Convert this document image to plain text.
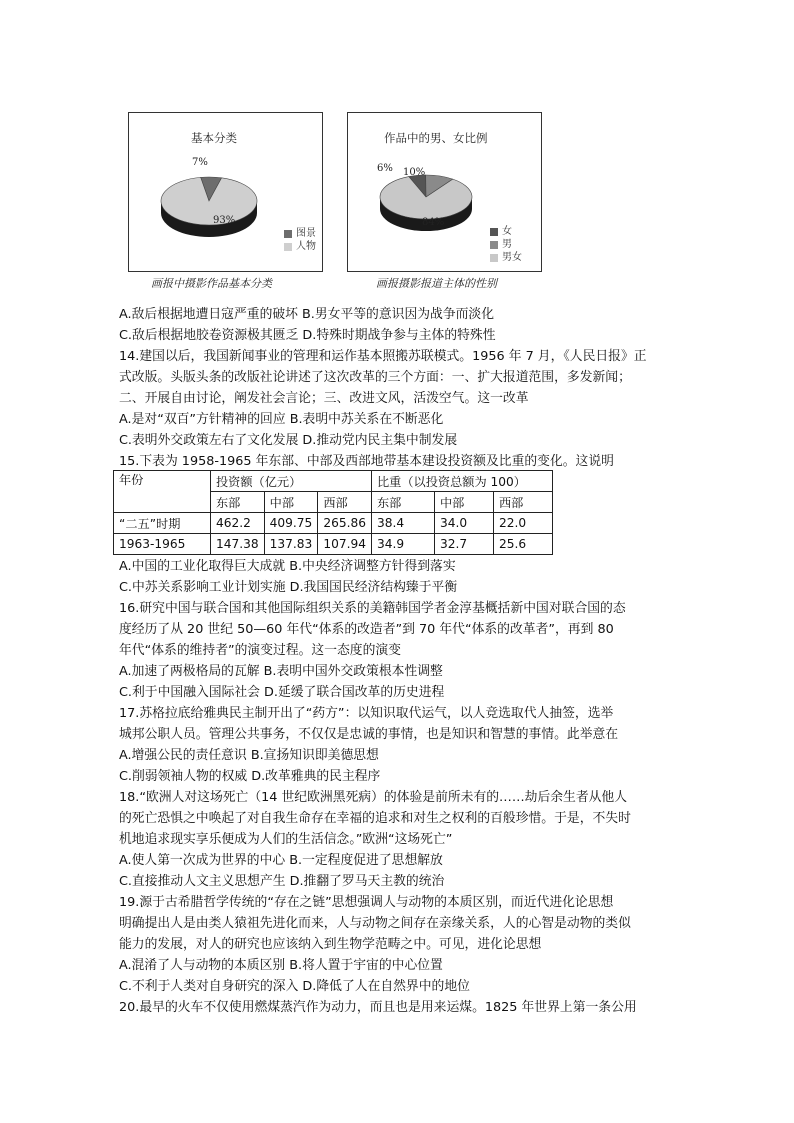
基本分类
7%
93%
图景
人物
画报中摄影作品基本分类
作品中的男、女比例
6% 10%
84%
女
男
男女
画报摄影报道主体的性别
A.敌后根据地遭日寇严重的破坏 B.男女平等的意识因为战争而淡化
C.敌后根据地胶卷资源极其匮乏 D.特殊时期战争参与主体的特殊性
14.建国以后，我国新闻事业的管理和运作基本照搬苏联模式。1956 年 7 月，《人民日报》正
式改版。头版头条的改版社论讲述了这次改革的三个方面：一、扩大报道范围，多发新闻；
二、开展自由讨论，阐发社会言论；三、改进文风，活泼空气。这一改革
A.是对“双百”方针精神的回应 B.表明中苏关系在不断恶化
C.表明外交政策左右了文化发展 D.推动党内民主集中制发展
15.下表为 1958-1965 年东部、中部及西部地带基本建设投资额及比重的变化。这说明
年份	投资额（亿元）			比重（以投资总额为 100）		
	东部	中部	西部	东部	中部	西部
“二五”时期	462.2	409.75	265.86	38.4	34.0	22.0
1963-1965	147.38	137.83	107.94	34.9	32.7	25.6
A.中国的工业化取得巨大成就 B.中央经济调整方针得到落实
C.中苏关系影响工业计划实施 D.我国国民经济结构臻于平衡
16.研究中国与联合国和其他国际组织关系的美籍韩国学者金淳基概括新中国对联合国的态
度经历了从 20 世纪 50—60 年代“体系的改造者”到 70 年代“体系的改革者”，再到 80
年代“体系的维持者”的演变过程。这一态度的演变
A.加速了两极格局的瓦解 B.表明中国外交政策根本性调整
C.利于中国融入国际社会 D.延缓了联合国改革的历史进程
17.苏格拉底给雅典民主制开出了“药方”：以知识取代运气，以人竞选取代人抽签，选举
城邦公职人员。管理公共事务，不仅仅是忠诚的事情，也是知识和智慧的事情。此举意在
A.增强公民的责任意识 B.宣扬知识即美德思想
C.削弱领袖人物的权威 D.改革雅典的民主程序
18.“欧洲人对这场死亡（14 世纪欧洲黑死病）的体验是前所未有的……劫后余生者从他人
的死亡恐惧之中唤起了对自我生命存在幸福的追求和对生之权利的百般珍惜。于是，不失时
机地追求现实享乐便成为人们的生活信念。”欧洲“这场死亡”
A.使人第一次成为世界的中心 B.一定程度促进了思想解放
C.直接推动人文主义思想产生 D.推翻了罗马天主教的统治
19.源于古希腊哲学传统的“存在之链”思想强调人与动物的本质区别，而近代进化论思想
明确提出人是由类人猿祖先进化而来，人与动物之间存在亲缘关系，人的心智是动物的类似
能力的发展，对人的研究也应该纳入到生物学范畴之中。可见，进化论思想
A.混淆了人与动物的本质区别 B.将人置于宇宙的中心位置
C.不利于人类对自身研究的深入 D.降低了人在自然界中的地位
20.最早的火车不仅使用燃煤蒸汽作为动力，而且也是用来运煤。1825 年世界上第一条公用
